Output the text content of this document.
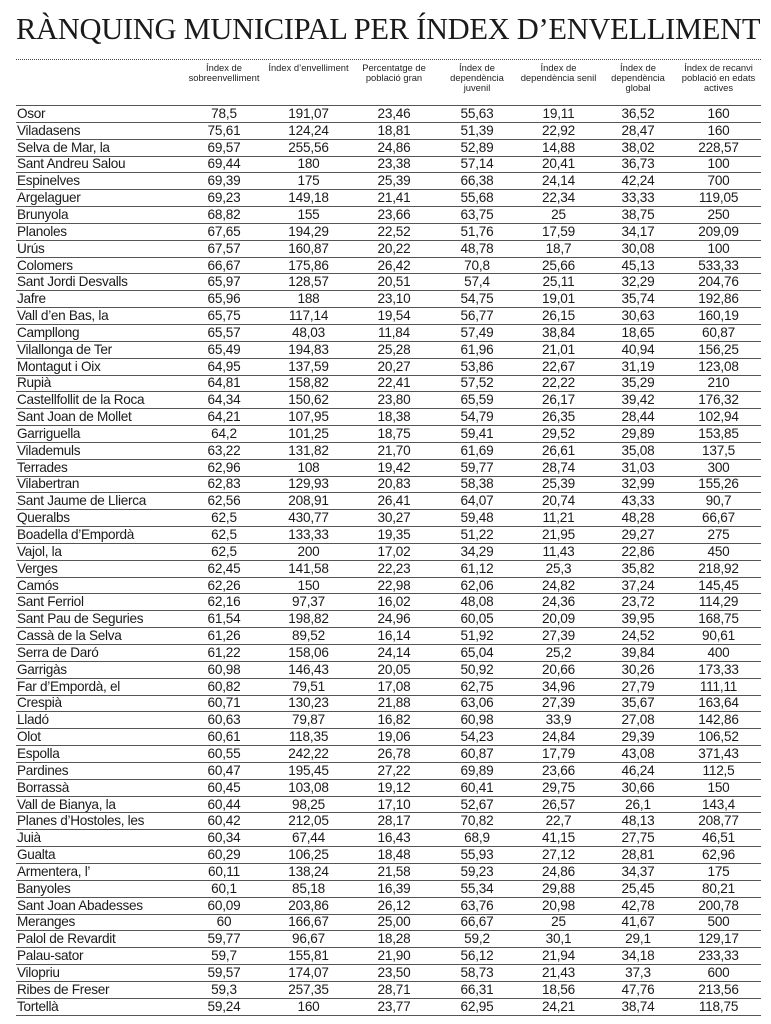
RÀNQUING MUNICIPAL PER ÍNDEX D’ENVELLIMENT
	Índex de sobreenvelliment	Índex d’envelliment	Percentatge de població gran	Índex de dependència juvenil	Índex de dependència senil	Índex de dependència global	Índex de recanvi població en edats actives
Osor	78,5	191,07	23,46	55,63	19,11	36,52	160
Viladasens	75,61	124,24	18,81	51,39	22,92	28,47	160
Selva de Mar, la	69,57	255,56	24,86	52,89	14,88	38,02	228,57
Sant Andreu Salou	69,44	180	23,38	57,14	20,41	36,73	100
Espinelves	69,39	175	25,39	66,38	24,14	42,24	700
Argelaguer	69,23	149,18	21,41	55,68	22,34	33,33	119,05
Brunyola	68,82	155	23,66	63,75	25	38,75	250
Planoles	67,65	194,29	22,52	51,76	17,59	34,17	209,09
Urús	67,57	160,87	20,22	48,78	18,7	30,08	100
Colomers	66,67	175,86	26,42	70,8	25,66	45,13	533,33
Sant Jordi Desvalls	65,97	128,57	20,51	57,4	25,11	32,29	204,76
Jafre	65,96	188	23,10	54,75	19,01	35,74	192,86
Vall d’en Bas, la	65,75	117,14	19,54	56,77	26,15	30,63	160,19
Campllong	65,57	48,03	11,84	57,49	38,84	18,65	60,87
Vilallonga de Ter	65,49	194,83	25,28	61,96	21,01	40,94	156,25
Montagut i Oix	64,95	137,59	20,27	53,86	22,67	31,19	123,08
Rupià	64,81	158,82	22,41	57,52	22,22	35,29	210
Castellfollit de la Roca	64,34	150,62	23,80	65,59	26,17	39,42	176,32
Sant Joan de Mollet	64,21	107,95	18,38	54,79	26,35	28,44	102,94
Garriguella	64,2	101,25	18,75	59,41	29,52	29,89	153,85
Vilademuls	63,22	131,82	21,70	61,69	26,61	35,08	137,5
Terrades	62,96	108	19,42	59,77	28,74	31,03	300
Vilabertran	62,83	129,93	20,83	58,38	25,39	32,99	155,26
Sant Jaume de Llierca	62,56	208,91	26,41	64,07	20,74	43,33	90,7
Queralbs	62,5	430,77	30,27	59,48	11,21	48,28	66,67
Boadella d’Empordà	62,5	133,33	19,35	51,22	21,95	29,27	275
Vajol, la	62,5	200	17,02	34,29	11,43	22,86	450
Verges	62,45	141,58	22,23	61,12	25,3	35,82	218,92
Camós	62,26	150	22,98	62,06	24,82	37,24	145,45
Sant Ferriol	62,16	97,37	16,02	48,08	24,36	23,72	114,29
Sant Pau de Seguries	61,54	198,82	24,96	60,05	20,09	39,95	168,75
Cassà de la Selva	61,26	89,52	16,14	51,92	27,39	24,52	90,61
Serra de Daró	61,22	158,06	24,14	65,04	25,2	39,84	400
Garrigàs	60,98	146,43	20,05	50,92	20,66	30,26	173,33
Far d’Empordà, el	60,82	79,51	17,08	62,75	34,96	27,79	111,11
Crespià	60,71	130,23	21,88	63,06	27,39	35,67	163,64
Lladó	60,63	79,87	16,82	60,98	33,9	27,08	142,86
Olot	60,61	118,35	19,06	54,23	24,84	29,39	106,52
Espolla	60,55	242,22	26,78	60,87	17,79	43,08	371,43
Pardines	60,47	195,45	27,22	69,89	23,66	46,24	112,5
Borrassà	60,45	103,08	19,12	60,41	29,75	30,66	150
Vall de Bianya, la	60,44	98,25	17,10	52,67	26,57	26,1	143,4
Planes d’Hostoles, les	60,42	212,05	28,17	70,82	22,7	48,13	208,77
Juià	60,34	67,44	16,43	68,9	41,15	27,75	46,51
Gualta	60,29	106,25	18,48	55,93	27,12	28,81	62,96
Armentera, l’	60,11	138,24	21,58	59,23	24,86	34,37	175
Banyoles	60,1	85,18	16,39	55,34	29,88	25,45	80,21
Sant Joan Abadesses	60,09	203,86	26,12	63,76	20,98	42,78	200,78
Meranges	60	166,67	25,00	66,67	25	41,67	500
Palol de Revardit	59,77	96,67	18,28	59,2	30,1	29,1	129,17
Palau-sator	59,7	155,81	21,90	56,12	21,94	34,18	233,33
Vilopriu	59,57	174,07	23,50	58,73	21,43	37,3	600
Ribes de Freser	59,3	257,35	28,71	66,31	18,56	47,76	213,56
Tortellà	59,24	160	23,77	62,95	24,21	38,74	118,75
